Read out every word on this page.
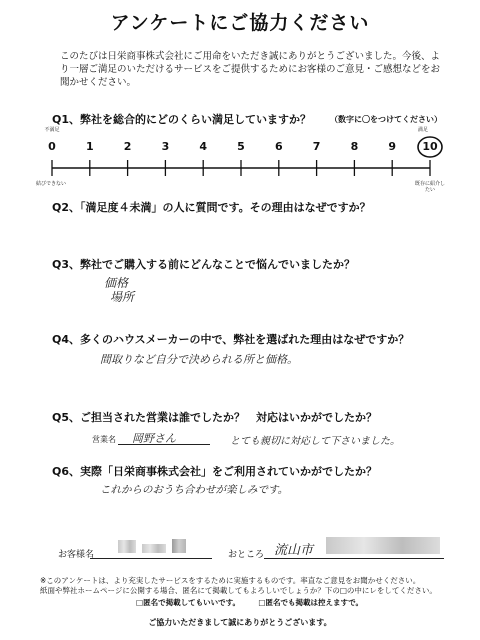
アンケートにご協力ください
このたびは日栄商事株式会社にご用命をいただき誠にありがとうございました。今後、より一層ご満足のいただけるサービスをご提供するためにお客様のご意見・ご感想などをお聞かせください。
Q1、弊社を総合的にどのくらい満足していますか？ （数字に〇をつけてください）
不満足	満足
0	1	2	3	4	5	6	7	8	9	10
結びできない	既存に紹介したい
Q2、「満足度４未満」の人に質問です。その理由はなぜですか？
Q3、弊社でご購入する前にどんなことで悩んでいましたか？
価格
場所
Q4、多くのハウスメーカーの中で、弊社を選ばれた理由はなぜですか？
間取りなど自分で決められる所と価格。
Q5、ご担当された営業は誰でしたか？　対応はいかがでしたか？
営業名 岡野さん	とても親切に対応して下さいました。
Q6、実際「日栄商事株式会社」をご利用されていかがでしたか？
これからのおうち合わせが楽しみです。
お客様名	おところ 流山市
※このアンケートは、より充実したサービスをするために実施するものです。率直なご意見をお聞かせください。
紙面や弊社ホームページに公開する場合、匿名にて掲載してもよろしいでしょうか？下の□の中にレをしてください。
□匿名で掲載してもいいです。 □匿名でも掲載は控えますで。
ご協力いただきまして誠にありがとうございます。
